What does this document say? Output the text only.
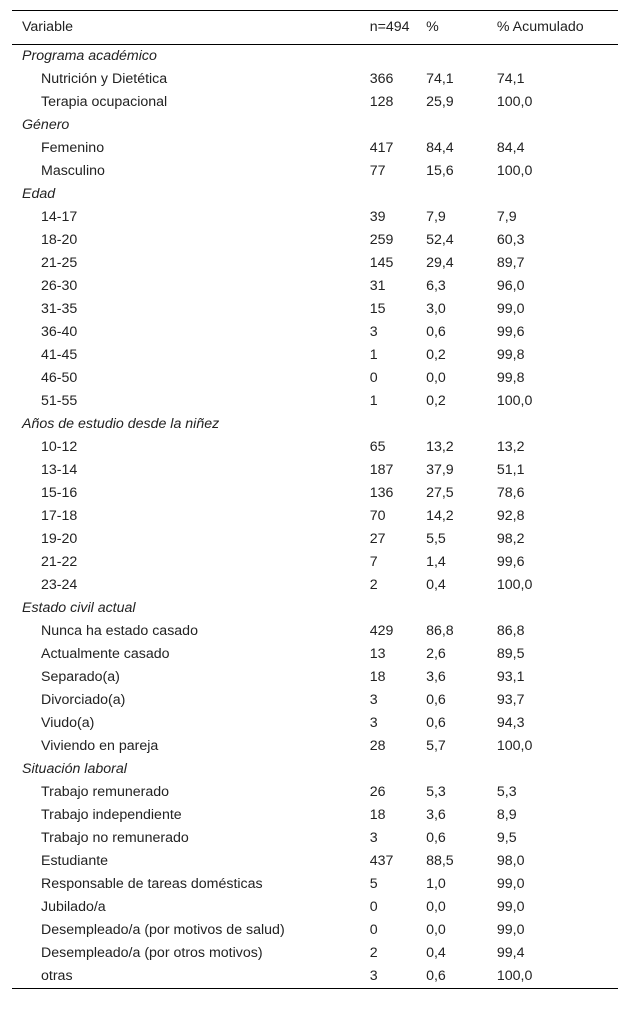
Variable	n=494	%	% Acumulado
Programa académico			
Nutrición y Dietética	366	74,1	74,1
Terapia ocupacional	128	25,9	100,0
Género			
Femenino	417	84,4	84,4
Masculino	77	15,6	100,0
Edad			
14-17	39	7,9	7,9
18-20	259	52,4	60,3
21-25	145	29,4	89,7
26-30	31	6,3	96,0
31-35	15	3,0	99,0
36-40	3	0,6	99,6
41-45	1	0,2	99,8
46-50	0	0,0	99,8
51-55	1	0,2	100,0
Años de estudio desde la niñez			
10-12	65	13,2	13,2
13-14	187	37,9	51,1
15-16	136	27,5	78,6
17-18	70	14,2	92,8
19-20	27	5,5	98,2
21-22	7	1,4	99,6
23-24	2	0,4	100,0
Estado civil actual			
Nunca ha estado casado	429	86,8	86,8
Actualmente casado	13	2,6	89,5
Separado(a)	18	3,6	93,1
Divorciado(a)	3	0,6	93,7
Viudo(a)	3	0,6	94,3
Viviendo en pareja	28	5,7	100,0
Situación laboral			
Trabajo remunerado	26	5,3	5,3
Trabajo independiente	18	3,6	8,9
Trabajo no remunerado	3	0,6	9,5
Estudiante	437	88,5	98,0
Responsable de tareas domésticas	5	1,0	99,0
Jubilado/a	0	0,0	99,0
Desempleado/a (por motivos de salud)	0	0,0	99,0
Desempleado/a (por otros motivos)	2	0,4	99,4
otras	3	0,6	100,0
